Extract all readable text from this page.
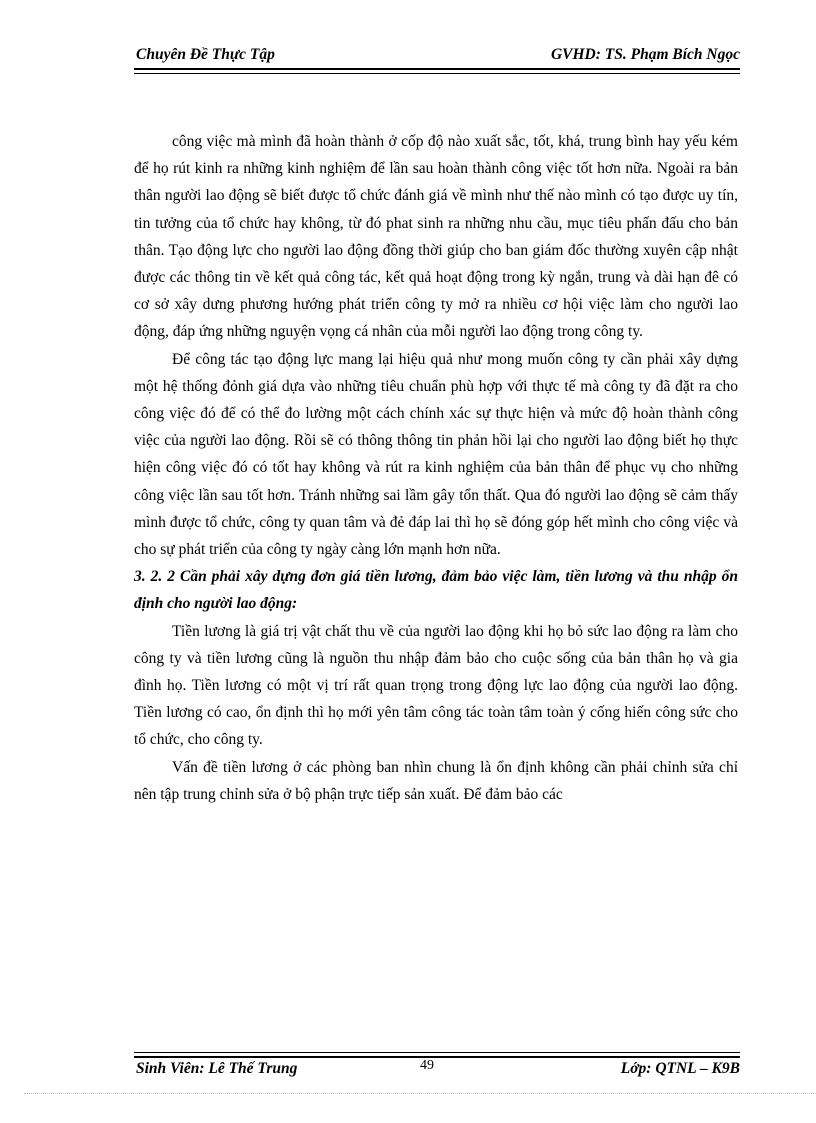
Chuyên Đề Thực Tập	GVHD: TS. Phạm Bích Ngọc

công việc mà mình đã hoàn thành ở cốp độ nào xuất sắc, tốt, khá, trung bình hay yếu kém để họ rút kinh ra những kinh nghiệm để lần sau hoàn thành công việc tốt hơn nữa. Ngoài ra bản thân người lao động sẽ biết được tổ chức đánh giá về mình như thế nào mình có tạo được uy tín, tin tưởng của tổ chức hay không, từ đó phat sinh ra những nhu cầu, mục tiêu phấn đấu cho bản thân. Tạo động lực cho người lao động đồng thời giúp cho ban giám đốc thường xuyên cập nhật được các thông tin về kết quả công tác, kết quả hoạt động trong kỳ ngắn, trung và dài hạn đê có cơ sở xây dưng phương hướng phát triển công ty mở ra nhiều cơ hội việc làm cho người lao động, đáp ứng những nguyện vọng cá nhân của mỗi người lao động trong công ty.

Để công tác tạo động lực mang lại hiệu quả như mong muốn công ty cần phải xây dựng một hệ thống đỏnh giá dựa vào những tiêu chuẩn phù hợp với thực tế mà công ty đã đặt ra cho công việc đó để có thể đo lường một cách chính xác sự thực hiện và mức độ hoàn thành công việc của người lao động. Rồi sẽ có thông thông tin phản hồi lại cho người lao động biết họ thực hiện công việc đó có tốt hay không và rút ra kinh nghiệm của bản thân để phục vụ cho những công việc lần sau tốt hơn. Tránh những sai lầm gây tổn thất. Qua đó người lao động sẽ cảm thấy mình được tổ chức, công ty quan tâm và đẻ đáp lai thì họ sẽ đóng góp hết mình cho công việc và cho sự phát triển của công ty ngày càng lớn mạnh hơn nữa.

3. 2. 2 Cần phải xây dựng đơn giá tiền lương, đảm bảo việc làm, tiền lương và thu nhập ổn định cho người lao động:

Tiền lương là giá trị vật chất thu về của người lao động khi họ bỏ sức lao động ra làm cho công ty và tiền lương cũng là nguồn thu nhập đảm bảo cho cuộc sống của bản thân họ và gia đình họ. Tiền lương có một vị trí rất quan trọng trong động lực lao động của người lao động. Tiền lương có cao, ổn định thì họ mới yên tâm công tác toàn tâm toàn ý cống hiến công sức cho tổ chức, cho công ty.

Vấn đề tiền lương ở các phòng ban nhìn chung là ổn định không cần phải chỉnh sửa chỉ nên tập trung chỉnh sửa ở bộ phận trực tiếp sản xuất. Để đảm bảo các

Sinh Viên: Lê Thế Trung	49	Lớp: QTNL – K9B
